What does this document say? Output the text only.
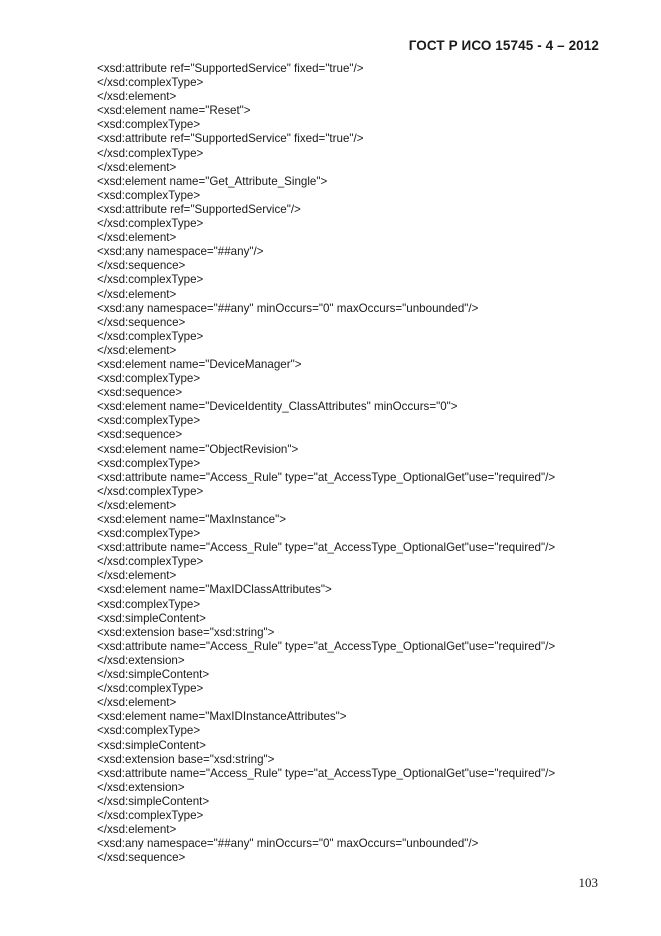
ГОСТ Р ИСО 15745 - 4 – 2012
<xsd:attribute ref="SupportedService" fixed="true"/>
</xsd:complexType>
</xsd:element>
<xsd:element name="Reset">
<xsd:complexType>
<xsd:attribute ref="SupportedService" fixed="true"/>
</xsd:complexType>
</xsd:element>
<xsd:element name="Get_Attribute_Single">
<xsd:complexType>
<xsd:attribute ref="SupportedService"/>
</xsd:complexType>
</xsd:element>
<xsd:any namespace="##any"/>
</xsd:sequence>
</xsd:complexType>
</xsd:element>
<xsd:any namespace="##any" minOccurs="0" maxOccurs="unbounded"/>
</xsd:sequence>
</xsd:complexType>
</xsd:element>
<xsd:element name="DeviceManager">
<xsd:complexType>
<xsd:sequence>
<xsd:element name="DeviceIdentity_ClassAttributes" minOccurs="0">
<xsd:complexType>
<xsd:sequence>
<xsd:element name="ObjectRevision">
<xsd:complexType>
<xsd:attribute name="Access_Rule" type="at_AccessType_OptionalGet"use="required"/>
</xsd:complexType>
</xsd:element>
<xsd:element name="MaxInstance">
<xsd:complexType>
<xsd:attribute name="Access_Rule" type="at_AccessType_OptionalGet"use="required"/>
</xsd:complexType>
</xsd:element>
<xsd:element name="MaxIDClassAttributes">
<xsd:complexType>
<xsd:simpleContent>
<xsd:extension base="xsd:string">
<xsd:attribute name="Access_Rule" type="at_AccessType_OptionalGet"use="required"/>
</xsd:extension>
</xsd:simpleContent>
</xsd:complexType>
</xsd:element>
<xsd:element name="MaxIDInstanceAttributes">
<xsd:complexType>
<xsd:simpleContent>
<xsd:extension base="xsd:string">
<xsd:attribute name="Access_Rule" type="at_AccessType_OptionalGet"use="required"/>
</xsd:extension>
</xsd:simpleContent>
</xsd:complexType>
</xsd:element>
<xsd:any namespace="##any" minOccurs="0" maxOccurs="unbounded"/>
</xsd:sequence>
103
